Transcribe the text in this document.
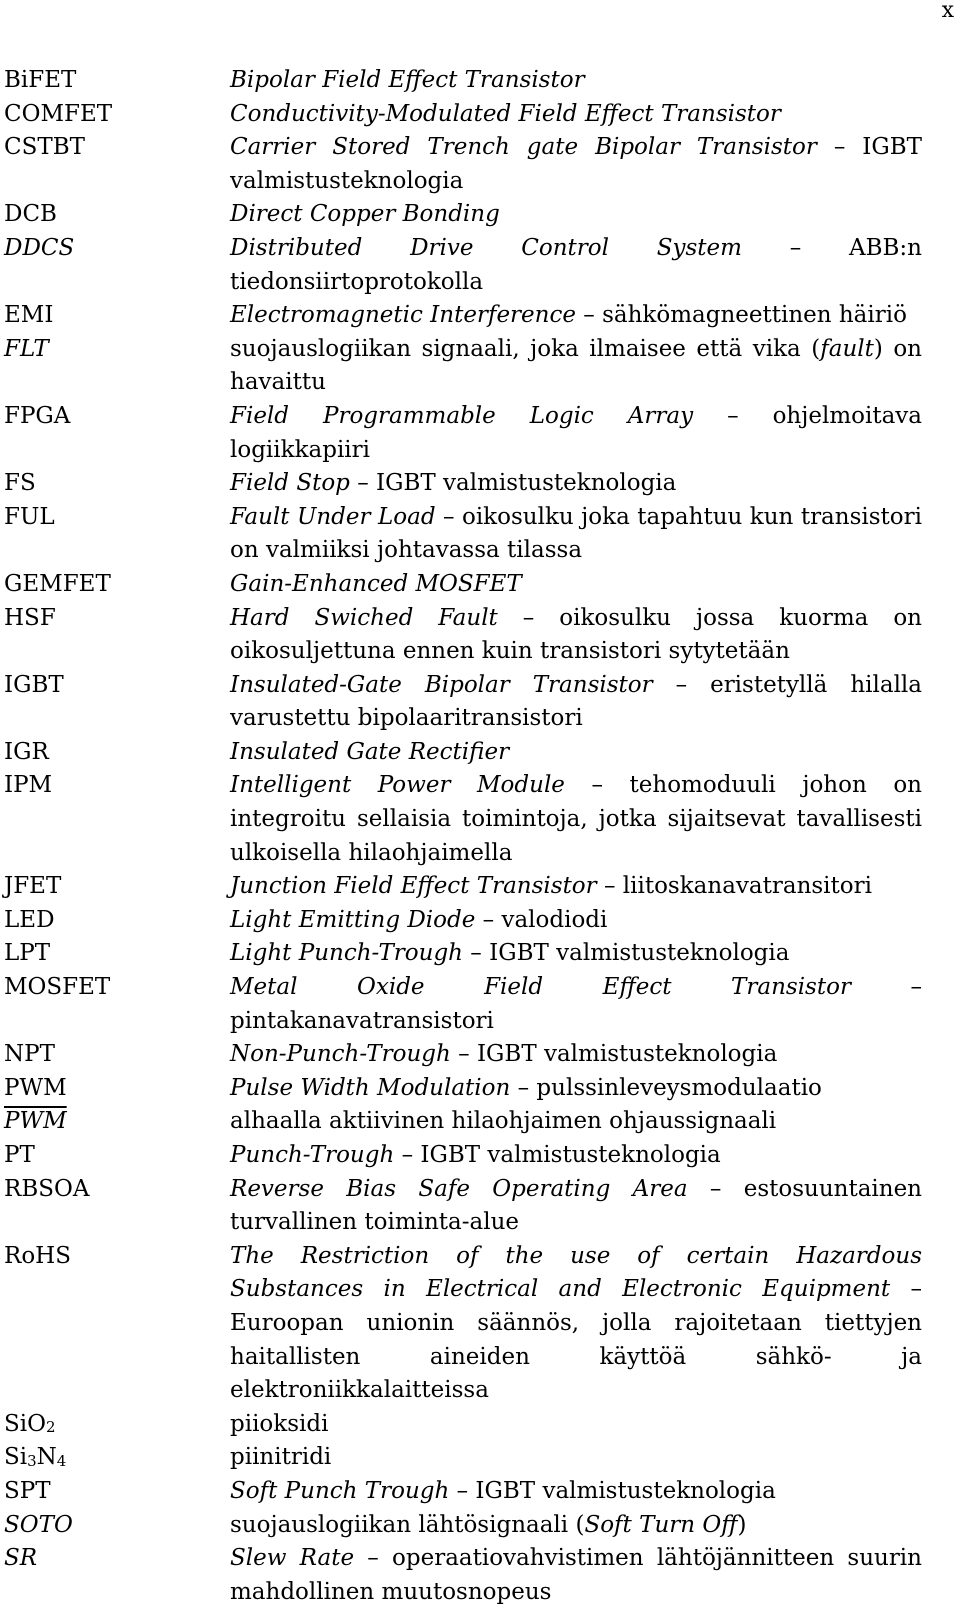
x
BiFET	Bipolar Field Effect Transistor
COMFET	Conductivity-Modulated Field Effect Transistor
CSTBT	Carrier Stored Trench gate Bipolar Transistor – IGBT valmistusteknologia
DCB	Direct Copper Bonding
DDCS	Distributed Drive Control System – ABB:n tiedonsiirtoprotokolla
EMI	Electromagnetic Interference – sähkömagneettinen häiriö
FLT	suojauslogiikan signaali, joka ilmaisee että vika (fault) on havaittu
FPGA	Field Programmable Logic Array – ohjelmoitava logiikkapiiri
FS	Field Stop – IGBT valmistusteknologia
FUL	Fault Under Load – oikosulku joka tapahtuu kun transistori on valmiiksi johtavassa tilassa
GEMFET	Gain-Enhanced MOSFET
HSF	Hard Swiched Fault – oikosulku jossa kuorma on oikosuljettuna ennen kuin transistori sytytetään
IGBT	Insulated-Gate Bipolar Transistor – eristetyllä hilalla varustettu bipolaaritransistori
IGR	Insulated Gate Rectifier
IPM	Intelligent Power Module – tehomoduuli johon on integroitu sellaisia toimintoja, jotka sijaitsevat tavallisesti ulkoisella hilaohjaimella
JFET	Junction Field Effect Transistor – liitoskanavatransitori
LED	Light Emitting Diode – valodiodi
LPT	Light Punch-Trough – IGBT valmistusteknologia
MOSFET	Metal Oxide Field Effect Transistor – pintakanavatransistori
NPT	Non-Punch-Trough – IGBT valmistusteknologia
PWM	Pulse Width Modulation – pulssinleveysmodulaatio
$\overline{PWM}$	alhaalla aktiivinen hilaohjaimen ohjaussignaali
PT	Punch-Trough – IGBT valmistusteknologia
RBSOA	Reverse Bias Safe Operating Area – estosuuntainen turvallinen toiminta-alue
RoHS	The Restriction of the use of certain Hazardous Substances in Electrical and Electronic Equipment – Euroopan unionin säännös, jolla rajoitetaan tiettyjen haitallisten aineiden käyttöä sähkö- ja elektroniikkalaitteissa
SiO$_2$	piioksidi
$Si_3N_4$	piinitridi
SPT	Soft Punch Trough – IGBT valmistusteknologia
SOTO	suojauslogiikan lähtösignaali (Soft Turn Off)
SR	Slew Rate – operaatiovahvistimen lähtöjännitteen suurin mahdollinen muutosnopeus
